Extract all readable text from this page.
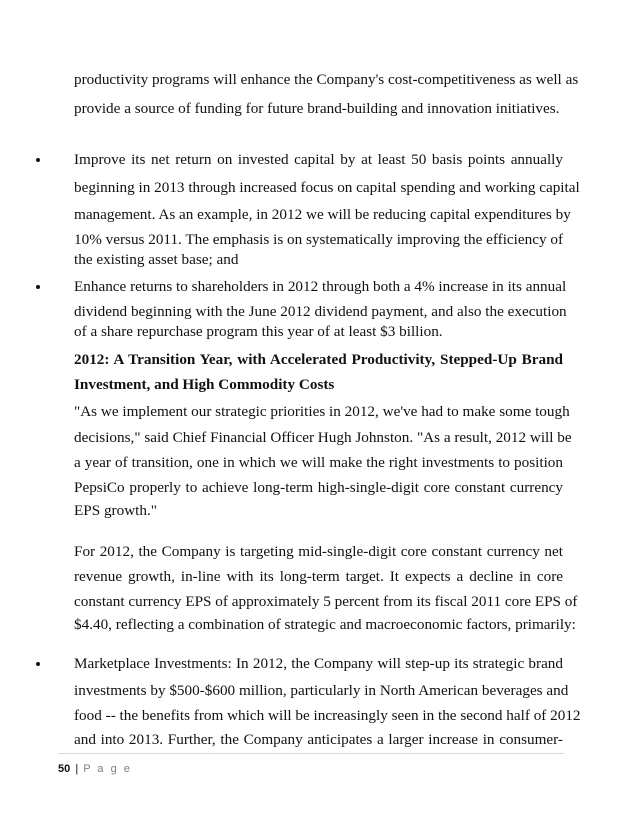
productivity programs will enhance the Company's cost-competitiveness as well as
provide a source of funding for future brand-building and innovation initiatives.
Improve its net return on invested capital by at least 50 basis points annually
beginning in 2013 through increased focus on capital spending and working capital
management. As an example, in 2012 we will be reducing capital expenditures by
10% versus 2011. The emphasis is on systematically improving the efficiency of
the existing asset base; and
Enhance returns to shareholders in 2012 through both a 4% increase in its annual
dividend beginning with the June 2012 dividend payment, and also the execution
of a share repurchase program this year of at least $3 billion.
2012: A Transition Year, with Accelerated Productivity, Stepped-Up Brand
Investment, and High Commodity Costs
"As we implement our strategic priorities in 2012, we've had to make some tough
decisions," said Chief Financial Officer Hugh Johnston. "As a result, 2012 will be
a year of transition, one in which we will make the right investments to position
PepsiCo properly to achieve long-term high-single-digit core constant currency
EPS growth."
For 2012, the Company is targeting mid-single-digit core constant currency net
revenue growth, in-line with its long-term target. It expects a decline in core
constant currency EPS of approximately 5 percent from its fiscal 2011 core EPS of
$4.40, reflecting a combination of strategic and macroeconomic factors, primarily:
Marketplace Investments: In 2012, the Company will step-up its strategic brand
investments by $500-$600 million, particularly in North American beverages and
food -- the benefits from which will be increasingly seen in the second half of 2012
and into 2013. Further, the Company anticipates a larger increase in consumer-
50 | P a g e
